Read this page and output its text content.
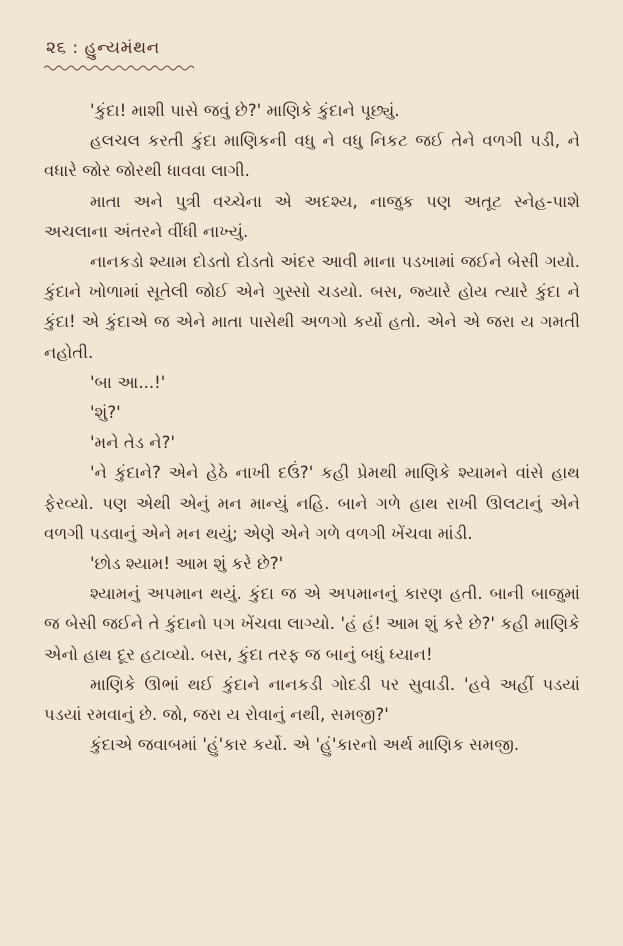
૨૬ : હુન્યમંથન

'કુંદા! માશી પાસે જવું છે?' માણિકે કુંદાને પૂછ્યું.

હલચલ કરતી કુંદા માણિકની વધુ ને વધુ નિકટ જઈ તેને વળગી પડી, ને વધારે જોર જોરથી ધાવવા લાગી.

માતા અને પુત્રી વચ્ચેના એ અદશ્ય, નાજુક પણ અતૂટ સ્નેહ-પાશે અચલાના અંતરને વીંધી નાખ્યું.

નાનકડો શ્યામ દોડતો દોડતો અંદર આવી માના પડખામાં જઈને બેસી ગયો. કુંદાને ખોળામાં સૂતેલી જોઈ એને ગુસ્સો ચડયો. બસ, જ્યારે હોય ત્યારે કુંદા ને કુંદા! એ કુંદાએ જ એને માતા પાસેથી અળગો કર્યો હતો. એને એ જરા ય ગમતી નહોતી.

'બા આ...!'

'શું?'

'મને તેડ ને?'

'ને કુંદાને? એને હેઠે નાખી દઉં?' કહી પ્રેમથી માણિકે શ્યામને વાંસે હાથ ફેરવ્યો. પણ એથી એનું મન માન્યું નહિ. બાને ગળે હાથ રાખી ઊલટાનું એને વળગી પડવાનું એને મન થયું; એણે એને ગળે વળગી ખેંચવા માંડી.

'છોડ શ્યામ! આમ શું કરે છે?'

શ્યામનું અપમાન થયું. કુંદા જ એ અપમાનનું કારણ હતી. બાની બાજુમાં જ બેસી જઈને તે કુંદાનો પગ ખેંચવા લાગ્યો. 'હં હં! આમ શું કરે છે?' કહી માણિકે એનો હાથ દૂર હટાવ્યો. બસ, કુંદા તરફ જ બાનું બધું ધ્યાન!

માણિકે ઊભાં થઈ કુંદાને નાનકડી ગોદડી પર સુવાડી. 'હવે અહીં પડયાં પડયાં રમવાનું છે. જો, જરા ય રોવાનું નથી, સમજી?'

કુંદાએ જવાબમાં 'હું'કાર કર્યો. એ 'હું'કારનો અર્થ માણિક સમજી.
